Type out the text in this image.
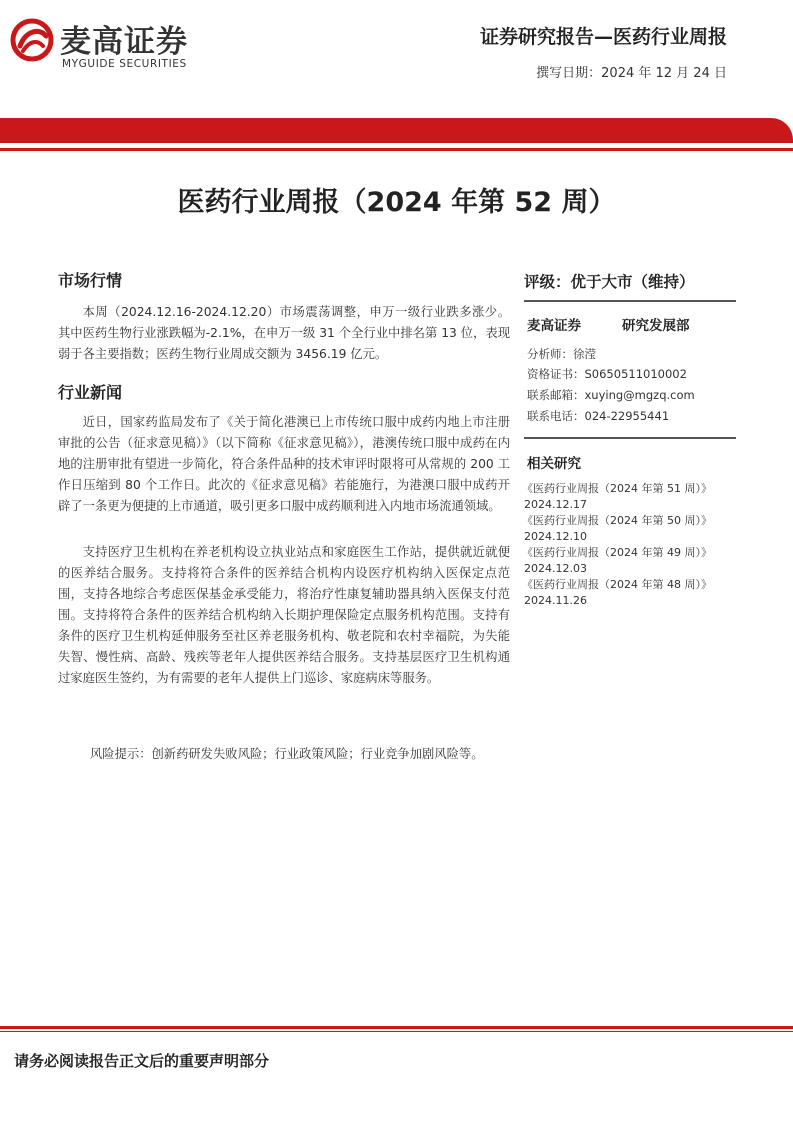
麦高证券
MYGUIDE SECURITIES
证券研究报告—医药行业周报
撰写日期：2024 年 12 月 24 日
医药行业周报（2024 年第 52 周）
市场行情
本周（2024.12.16-2024.12.20）市场震荡调整，申万一级行业跌多涨少。其中医药生物行业涨跌幅为-2.1%，在申万一级 31 个全行业中排名第 13 位，表现弱于各主要指数；医药生物行业周成交额为 3456.19 亿元。
行业新闻
近日，国家药监局发布了《关于简化港澳已上市传统口服中成药内地上市注册审批的公告（征求意见稿）》（以下简称《征求意见稿》），港澳传统口服中成药在内地的注册审批有望进一步简化，符合条件品种的技术审评时限将可从常规的 200 工作日压缩到 80 个工作日。此次的《征求意见稿》若能施行，为港澳口服中成药开辟了一条更为便捷的上市通道，吸引更多口服中成药顺利进入内地市场流通领域。
支持医疗卫生机构在养老机构设立执业站点和家庭医生工作站，提供就近就便的医养结合服务。支持将符合条件的医养结合机构内设医疗机构纳入医保定点范围，支持各地综合考虑医保基金承受能力，将治疗性康复辅助器具纳入医保支付范围。支持将符合条件的医养结合机构纳入长期护理保险定点服务机构范围。支持有条件的医疗卫生机构延伸服务至社区养老服务机构、敬老院和农村幸福院，为失能失智、慢性病、高龄、残疾等老年人提供医养结合服务。支持基层医疗卫生机构通过家庭医生签约，为有需要的老年人提供上门巡诊、家庭病床等服务。
风险提示：创新药研发失败风险；行业政策风险；行业竞争加剧风险等。
评级：优于大市（维持）
麦高证券	研究发展部
分析师：徐滢
资格证书：S0650511010002
联系邮箱：xuying@mgzq.com
联系电话：024-22955441
相关研究
《医药行业周报（2024 年第 51 周）》
2024.12.17
《医药行业周报（2024 年第 50 周）》
2024.12.10
《医药行业周报（2024 年第 49 周）》
2024.12.03
《医药行业周报（2024 年第 48 周）》
2024.11.26
请务必阅读报告正文后的重要声明部分
